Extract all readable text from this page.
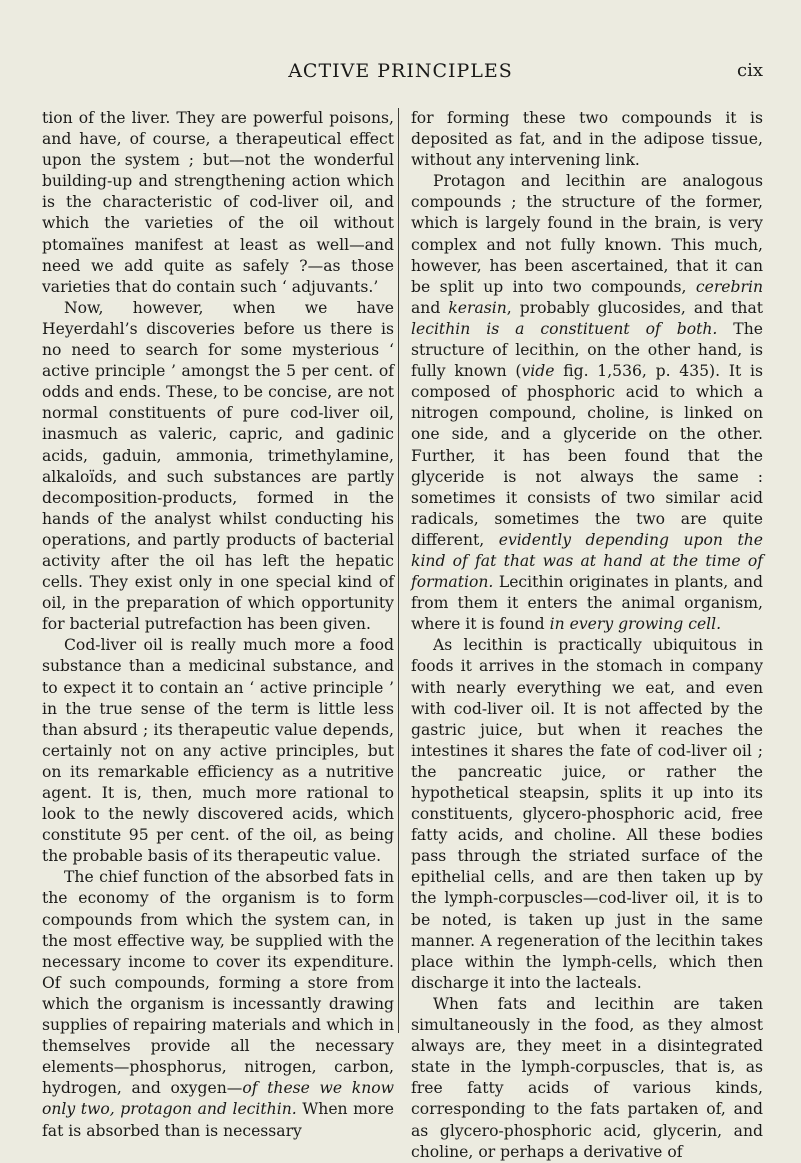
ACTIVE PRINCIPLES	cix

tion of the liver. They are powerful poisons, and have, of course, a therapeutical effect upon the system ; but—not the wonderful building-up and strengthening action which is the characteristic of cod-liver oil, and which the varieties of the oil without ptomaïnes manifest at least as well—and need we add quite as safely ?—as those varieties that do contain such ‘ adjuvants.’

Now, however, when we have Heyerdahl’s discoveries before us there is no need to search for some mysterious ‘ active principle ’ amongst the 5 per cent. of odds and ends. These, to be concise, are not normal constituents of pure cod-liver oil, inasmuch as valeric, capric, and gadinic acids, gaduin, ammonia, trimethylamine, alkaloïds, and such substances are partly decomposition-products, formed in the hands of the analyst whilst conducting his operations, and partly products of bacterial activity after the oil has left the hepatic cells. They exist only in one special kind of oil, in the preparation of which opportunity for bacterial putrefaction has been given.

Cod-liver oil is really much more a food substance than a medicinal substance, and to expect it to contain an ‘ active principle ’ in the true sense of the term is little less than absurd ; its therapeutic value depends, certainly not on any active principles, but on its remarkable efficiency as a nutritive agent. It is, then, much more rational to look to the newly discovered acids, which constitute 95 per cent. of the oil, as being the probable basis of its therapeutic value.

The chief function of the absorbed fats in the economy of the organism is to form compounds from which the system can, in the most effective way, be supplied with the necessary income to cover its expenditure. Of such compounds, forming a store from which the organism is incessantly drawing supplies of repairing materials and which in themselves provide all the necessary elements—phosphorus, nitrogen, carbon, hydrogen, and oxygen—of these we know only two, protagon and lecithin. When more fat is absorbed than is necessary

for forming these two compounds it is deposited as fat, and in the adipose tissue, without any intervening link.

Protagon and lecithin are analogous compounds ; the structure of the former, which is largely found in the brain, is very complex and not fully known. This much, however, has been ascertained, that it can be split up into two compounds, cerebrin and kerasin, probably glucosides, and that lecithin is a constituent of both. The structure of lecithin, on the other hand, is fully known (vide fig. 1,536, p. 435). It is composed of phosphoric acid to which a nitrogen compound, choline, is linked on one side, and a glyceride on the other. Further, it has been found that the glyceride is not always the same : sometimes it consists of two similar acid radicals, sometimes the two are quite different, evidently depending upon the kind of fat that was at hand at the time of formation. Lecithin originates in plants, and from them it enters the animal organism, where it is found in every growing cell.

As lecithin is practically ubiquitous in foods it arrives in the stomach in company with nearly everything we eat, and even with cod-liver oil. It is not affected by the gastric juice, but when it reaches the intestines it shares the fate of cod-liver oil ; the pancreatic juice, or rather the hypothetical steapsin, splits it up into its constituents, glycero-phosphoric acid, free fatty acids, and choline. All these bodies pass through the striated surface of the epithelial cells, and are then taken up by the lymph-corpuscles—cod-liver oil, it is to be noted, is taken up just in the same manner. A regeneration of the lecithin takes place within the lymph-cells, which then discharge it into the lacteals.

When fats and lecithin are taken simultaneously in the food, as they almost always are, they meet in a disintegrated state in the lymph-corpuscles, that is, as free fatty acids of various kinds, corresponding to the fats partaken of, and as glycero-phosphoric acid, glycerin, and choline, or perhaps a derivative of
